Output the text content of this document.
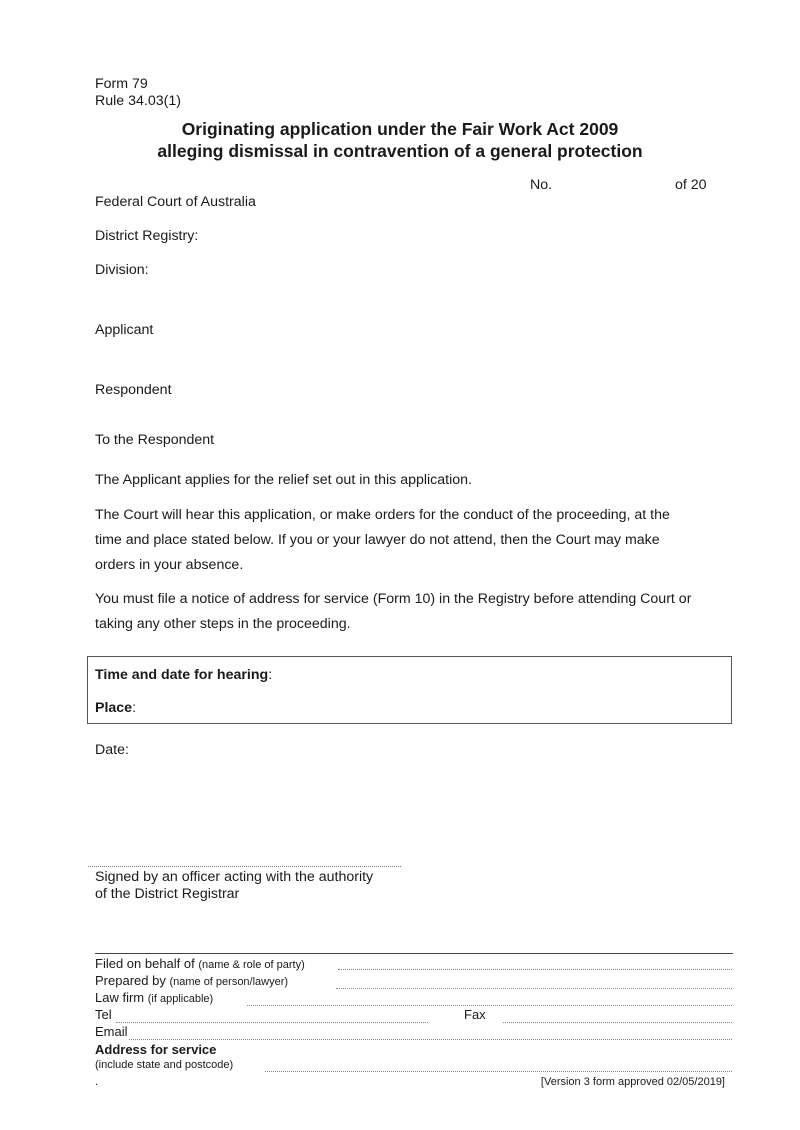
Form 79
Rule 34.03(1)
Originating application under the Fair Work Act 2009
alleging dismissal in contravention of a general protection
No.	of 20
Federal Court of Australia
District Registry:
Division:
Applicant
Respondent
To the Respondent
The Applicant applies for the relief set out in this application.
The Court will hear this application, or make orders for the conduct of the proceeding, at the
time and place stated below. If you or your lawyer do not attend, then the Court may make
orders in your absence.
You must file a notice of address for service (Form 10) in the Registry before attending Court or
taking any other steps in the proceeding.
Time and date for hearing:
Place:
Date:
Signed by an officer acting with the authority
of the District Registrar
Filed on behalf of (name & role of party)
Prepared by (name of person/lawyer)
Law firm (if applicable)
Tel	Fax
Email
Address for service
(include state and postcode)
.	[Version 3 form approved 02/05/2019]
